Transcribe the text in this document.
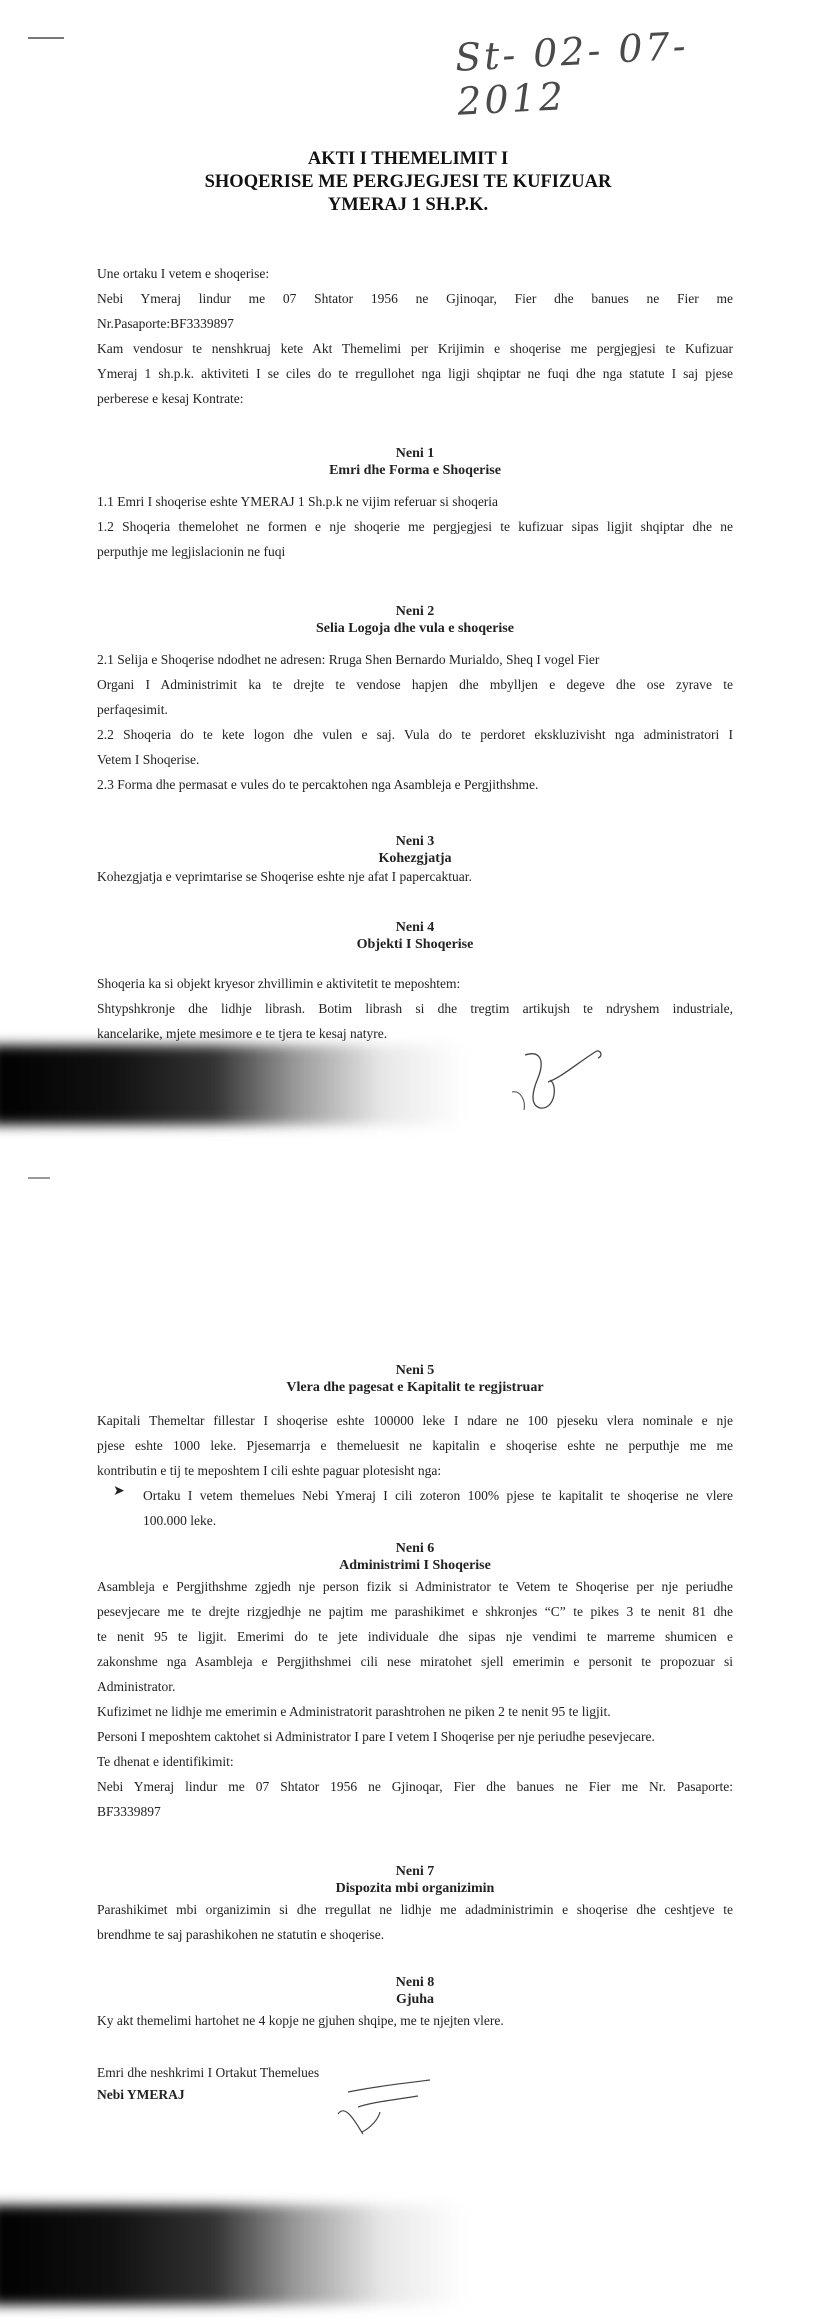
St- 02- 07- 2012
AKTI I THEMELIMIT I
SHOQERISE ME PERGJEGJESI TE KUFIZUAR
YMERAJ 1 SH.P.K.
Une ortaku I vetem e shoqerise:
Nebi Ymeraj lindur me 07 Shtator 1956 ne Gjinoqar, Fier dhe banues ne Fier me
Nr.Pasaporte:BF3339897
Kam vendosur te nenshkruaj kete Akt Themelimi per Krijimin e shoqerise me pergjegjesi te Kufizuar
Ymeraj 1 sh.p.k. aktiviteti I se ciles do te rregullohet nga ligji shqiptar ne fuqi dhe nga statute I saj pjese
perberese e kesaj Kontrate:
Neni 1
Emri dhe Forma e Shoqerise
1.1 Emri I shoqerise eshte YMERAJ 1 Sh.p.k ne vijim referuar si shoqeria
1.2 Shoqeria themelohet ne formen e nje shoqerie me pergjegjesi te kufizuar sipas ligjit shqiptar dhe ne
perputhje me legjislacionin ne fuqi
Neni 2
Selia Logoja dhe vula e shoqerise
2.1 Selija e Shoqerise ndodhet ne adresen: Rruga Shen Bernardo Murialdo, Sheq I vogel Fier
Organi I Administrimit ka te drejte te vendose hapjen dhe mbylljen e degeve dhe ose zyrave te
perfaqesimit.
2.2 Shoqeria do te kete logon dhe vulen e saj. Vula do te perdoret ekskluzivisht nga administratori I
Vetem I Shoqerise.
2.3 Forma dhe permasat e vules do te percaktohen nga Asambleja e Pergjithshme.
Neni 3
Kohezgjatja
Kohezgjatja e veprimtarise se Shoqerise eshte nje afat I papercaktuar.
Neni 4
Objekti I Shoqerise
Shoqeria ka si objekt kryesor zhvillimin e aktivitetit te meposhtem:
Shtypshkronje dhe lidhje librash. Botim librash si dhe tregtim artikujsh te ndryshem industriale,
kancelarike, mjete mesimore e te tjera te kesaj natyre.
Neni 5
Vlera dhe pagesat e Kapitalit te regjistruar
Kapitali Themeltar fillestar I shoqerise eshte 100000 leke I ndare ne 100 pjeseku vlera nominale e nje
pjese eshte 1000 leke. Pjesemarrja e themeluesit ne kapitalin e shoqerise eshte ne perputhje me me
kontributin e tij te meposhtem I cili eshte paguar plotesisht nga:
➤ Ortaku I vetem themelues Nebi Ymeraj I cili zoteron 100% pjese te kapitalit te shoqerise ne vlere
100.000 leke.
Neni 6
Administrimi I Shoqerise
Asambleja e Pergjithshme zgjedh nje person fizik si Administrator te Vetem te Shoqerise per nje periudhe
pesevjecare me te drejte rizgjedhje ne pajtim me parashikimet e shkronjes “C” te pikes 3 te nenit 81 dhe
te nenit 95 te ligjit. Emerimi do te jete individuale dhe sipas nje vendimi te marreme shumicen e
zakonshme nga Asambleja e Pergjithshmei cili nese miratohet sjell emerimin e personit te propozuar si
Administrator.
Kufizimet ne lidhje me emerimin e Administratorit parashtrohen ne piken 2 te nenit 95 te ligjit.
Personi I meposhtem caktohet si Administrator I pare I vetem I Shoqerise per nje periudhe pesevjecare.
Te dhenat e identifikimit:
Nebi Ymeraj lindur me 07 Shtator 1956 ne Gjinoqar, Fier dhe banues ne Fier me Nr. Pasaporte:
BF3339897
Neni 7
Dispozita mbi organizimin
Parashikimet mbi organizimin si dhe rregullat ne lidhje me adadministrimin e shoqerise dhe ceshtjeve te
brendhme te saj parashikohen ne statutin e shoqerise.
Neni 8
Gjuha
Ky akt themelimi hartohet ne 4 kopje ne gjuhen shqipe, me te njejten vlere.
Emri dhe neshkrimi I Ortakut Themelues
Nebi YMERAJ
